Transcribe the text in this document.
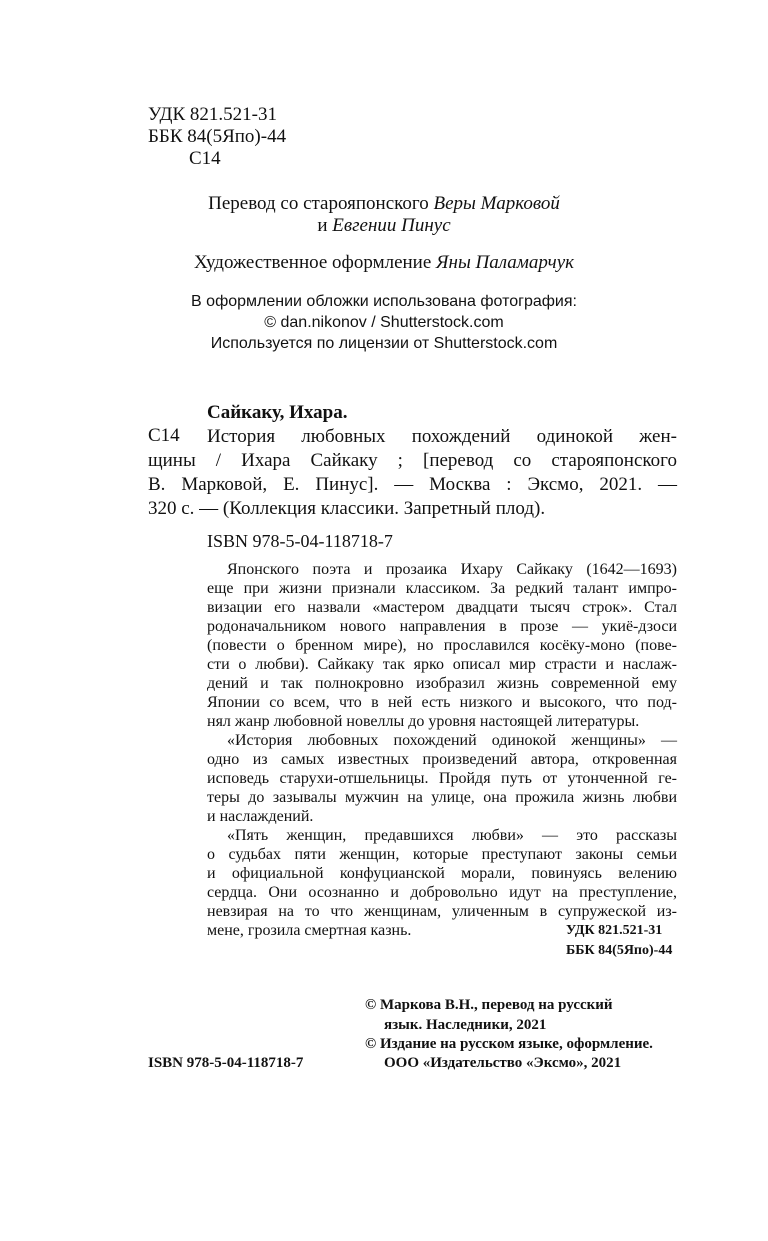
УДК 821.521-31
ББК 84(5Япо)-44
С14
Перевод со старояпонского Веры Марковой
и Евгении Пинус
Художественное оформление Яны Паламарчук
В оформлении обложки использована фотография:
© dan.nikonov / Shutterstock.com
Используется по лицензии от Shutterstock.com
Сайкаку, Ихара.
С14 История любовных похождений одинокой жен-
щины / Ихара Сайкаку ; [перевод со старояпонского
В. Марковой, Е. Пинус]. — Москва : Эксмо, 2021. —
320 с. — (Коллекция классики. Запретный плод).
ISBN 978-5-04-118718-7
Японского поэта и прозаика Ихару Сайкаку (1642—1693)
еще при жизни признали классиком. За редкий талант импро-
визации его назвали «мастером двадцати тысяч строк». Стал
родоначальником нового направления в прозе — укиё-дзоси
(повести о бренном мире), но прославился косёку-моно (пове-
сти о любви). Сайкаку так ярко описал мир страсти и наслаж-
дений и так полнокровно изобразил жизнь современной ему
Японии со всем, что в ней есть низкого и высокого, что под-
нял жанр любовной новеллы до уровня настоящей литературы.
«История любовных похождений одинокой женщины» —
одно из самых известных произведений автора, откровенная
исповедь старухи-отшельницы. Пройдя путь от утонченной ге-
теры до зазывалы мужчин на улице, она прожила жизнь любви
и наслаждений.
«Пять женщин, предавшихся любви» — это рассказы
о судьбах пяти женщин, которые преступают законы семьи
и официальной конфуцианской морали, повинуясь велению
сердца. Они осознанно и добровольно идут на преступление,
невзирая на то что женщинам, уличенным в супружеской из-
мене, грозила смертная казнь.	УДК 821.521-31
ББК 84(5Япо)-44
© Маркова В.Н., перевод на русский
язык. Наследники, 2021
© Издание на русском языке, оформление.
ООО «Издательство «Эксмо», 2021
ISBN 978-5-04-118718-7
